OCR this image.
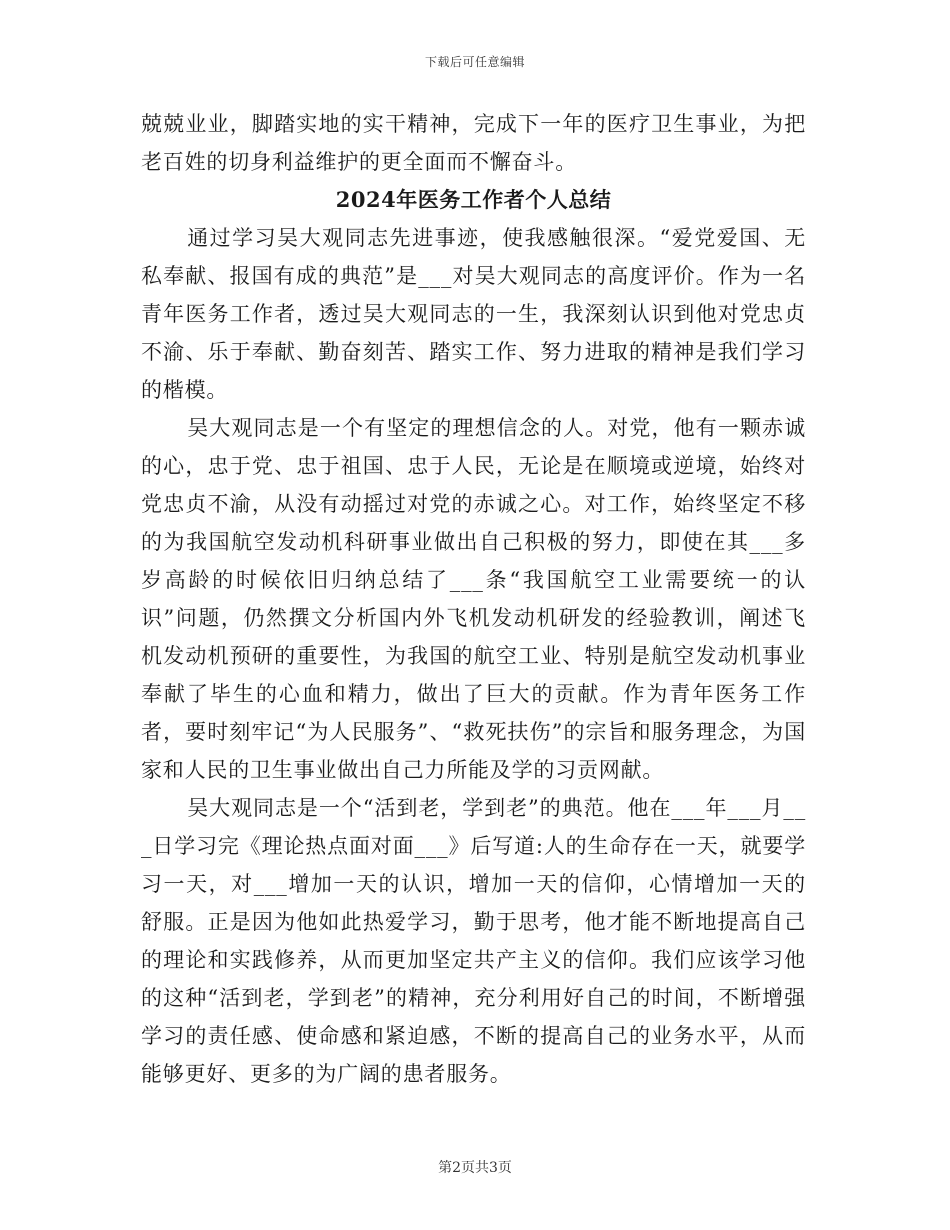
下载后可任意编辑

兢兢业业，脚踏实地的实干精神，完成下一年的医疗卫生事业，为把老百姓的切身利益维护的更全面而不懈奋斗。

2024年医务工作者个人总结

通过学习吴大观同志先进事迹，使我感触很深。“爱党爱国、无私奉献、报国有成的典范”是___对吴大观同志的高度评价。作为一名青年医务工作者，透过吴大观同志的一生，我深刻认识到他对党忠贞不渝、乐于奉献、勤奋刻苦、踏实工作、努力进取的精神是我们学习的楷模。

吴大观同志是一个有坚定的理想信念的人。对党，他有一颗赤诚的心，忠于党、忠于祖国、忠于人民，无论是在顺境或逆境，始终对党忠贞不渝，从没有动摇过对党的赤诚之心。对工作，始终坚定不移的为我国航空发动机科研事业做出自己积极的努力，即使在其___多岁高龄的时候依旧归纳总结了___条“我国航空工业需要统一的认识”问题，仍然撰文分析国内外飞机发动机研发的经验教训，阐述飞机发动机预研的重要性，为我国的航空工业、特别是航空发动机事业奉献了毕生的心血和精力，做出了巨大的贡献。作为青年医务工作者，要时刻牢记“为人民服务”、“救死扶伤”的宗旨和服务理念，为国家和人民的卫生事业做出自己力所能及学的习贡网献。

吴大观同志是一个“活到老，学到老”的典范。他在___年___月___日学习完《理论热点面对面___》后写道:人的生命存在一天，就要学习一天，对___增加一天的认识，增加一天的信仰，心情增加一天的舒服。正是因为他如此热爱学习，勤于思考，他才能不断地提高自己的理论和实践修养，从而更加坚定共产主义的信仰。我们应该学习他的这种“活到老，学到老”的精神，充分利用好自己的时间，不断增强学习的责任感、使命感和紧迫感，不断的提高自己的业务水平，从而能够更好、更多的为广阔的患者服务。

第2页共3页
